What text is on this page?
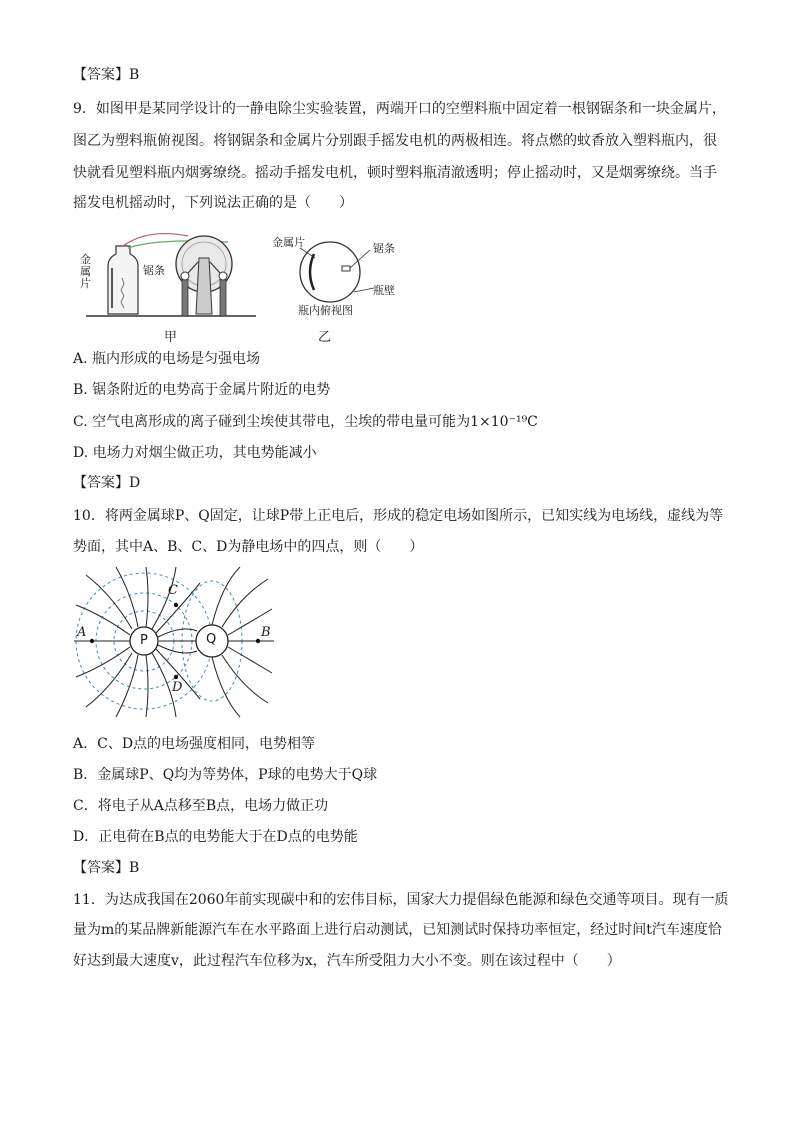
【答案】B
9．如图甲是某同学设计的一静电除尘实验装置，两端开口的空塑料瓶中固定着一根钢锯条和一块金属片，
图乙为塑料瓶俯视图。将钢锯条和金属片分别跟手摇发电机的两极相连。将点燃的蚊香放入塑料瓶内，很
快就看见塑料瓶内烟雾缭绕。摇动手摇发电机，顿时塑料瓶清澈透明；停止摇动时，又是烟雾缭绕。当手
摇发电机摇动时，下列说法正确的是（　　）
金属片
锯条
甲
金属片	锯条
瓶壁
瓶内俯视图
乙
A. 瓶内形成的电场是匀强电场
B. 锯条附近的电势高于金属片附近的电势
C. 空气电离形成的离子碰到尘埃使其带电，尘埃的带电量可能为1×10⁻¹⁹C
D. 电场力对烟尘做正功，其电势能减小
【答案】D
10．将两金属球P、Q固定，让球P带上正电后，形成的稳定电场如图所示，已知实线为电场线，虚线为等
势面，其中A、B、C、D为静电场中的四点，则（　　）
P	Q
A	B
C
D
A．C、D点的电场强度相同，电势相等
B．金属球P、Q均为等势体，P球的电势大于Q球
C．将电子从A点移至B点，电场力做正功
D．正电荷在B点的电势能大于在D点的电势能
【答案】B
11．为达成我国在2060年前实现碳中和的宏伟目标，国家大力提倡绿色能源和绿色交通等项目。现有一质
量为m的某品牌新能源汽车在水平路面上进行启动测试，已知测试时保持功率恒定，经过时间t汽车速度恰
好达到最大速度v，此过程汽车位移为x，汽车所受阻力大小不变。则在该过程中（　　）
